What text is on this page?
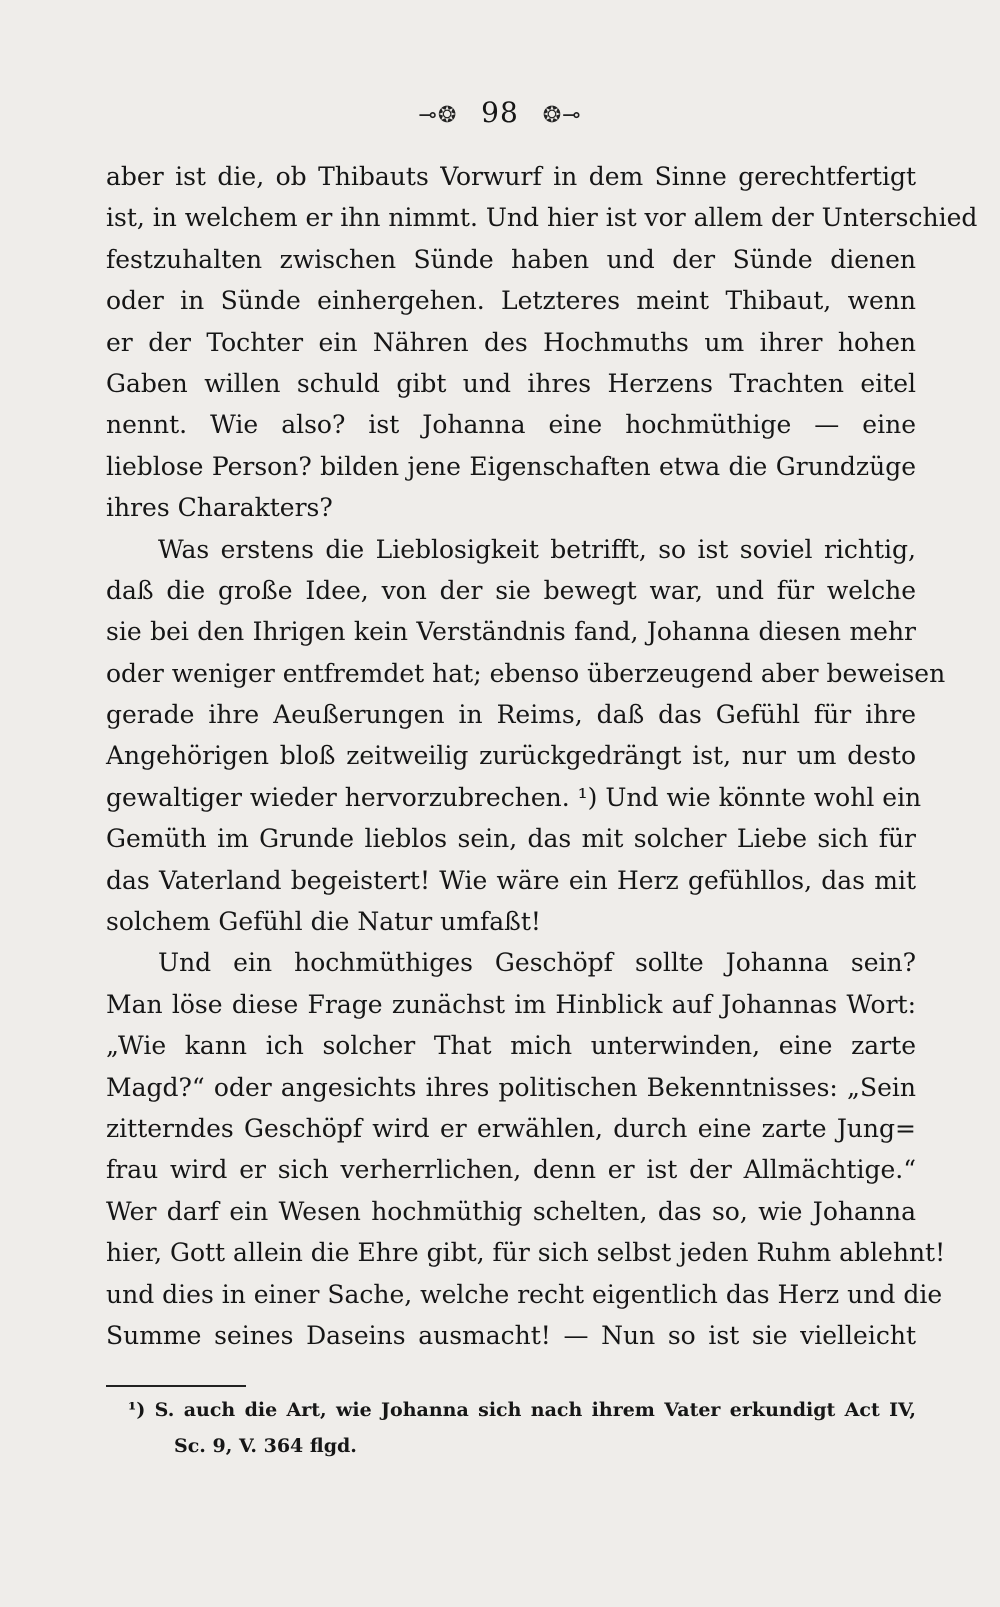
⊸❂ 98 ❂⊸
aber ist die, ob Thibauts Vorwurf in dem Sinne gerechtfertigt
ist, in welchem er ihn nimmt. Und hier ist vor allem der Unterschied
festzuhalten zwischen Sünde haben und der Sünde dienen
oder in Sünde einhergehen. Letzteres meint Thibaut, wenn
er der Tochter ein Nähren des Hochmuths um ihrer hohen
Gaben willen schuld gibt und ihres Herzens Trachten eitel
nennt. Wie also? ist Johanna eine hochmüthige — eine
lieblose Person? bilden jene Eigenschaften etwa die Grundzüge
ihres Charakters?
Was erstens die Lieblosigkeit betrifft, so ist soviel richtig,
daß die große Idee, von der sie bewegt war, und für welche
sie bei den Ihrigen kein Verständnis fand, Johanna diesen mehr
oder weniger entfremdet hat; ebenso überzeugend aber beweisen
gerade ihre Aeußerungen in Reims, daß das Gefühl für ihre
Angehörigen bloß zeitweilig zurückgedrängt ist, nur um desto
gewaltiger wieder hervorzubrechen. ¹) Und wie könnte wohl ein
Gemüth im Grunde lieblos sein, das mit solcher Liebe sich für
das Vaterland begeistert! Wie wäre ein Herz gefühllos, das mit
solchem Gefühl die Natur umfaßt!
Und ein hochmüthiges Geschöpf sollte Johanna sein?
Man löse diese Frage zunächst im Hinblick auf Johannas Wort:
„Wie kann ich solcher That mich unterwinden, eine zarte
Magd?“ oder angesichts ihres politischen Bekenntnisses: „Sein
zitterndes Geschöpf wird er erwählen, durch eine zarte Jung=
frau wird er sich verherrlichen, denn er ist der Allmächtige.“
Wer darf ein Wesen hochmüthig schelten, das so, wie Johanna
hier, Gott allein die Ehre gibt, für sich selbst jeden Ruhm ablehnt!
und dies in einer Sache, welche recht eigentlich das Herz und die
Summe seines Daseins ausmacht! — Nun so ist sie vielleicht
¹) S. auch die Art, wie Johanna sich nach ihrem Vater erkundigt Act IV,
Sc. 9, V. 364 flgd.
